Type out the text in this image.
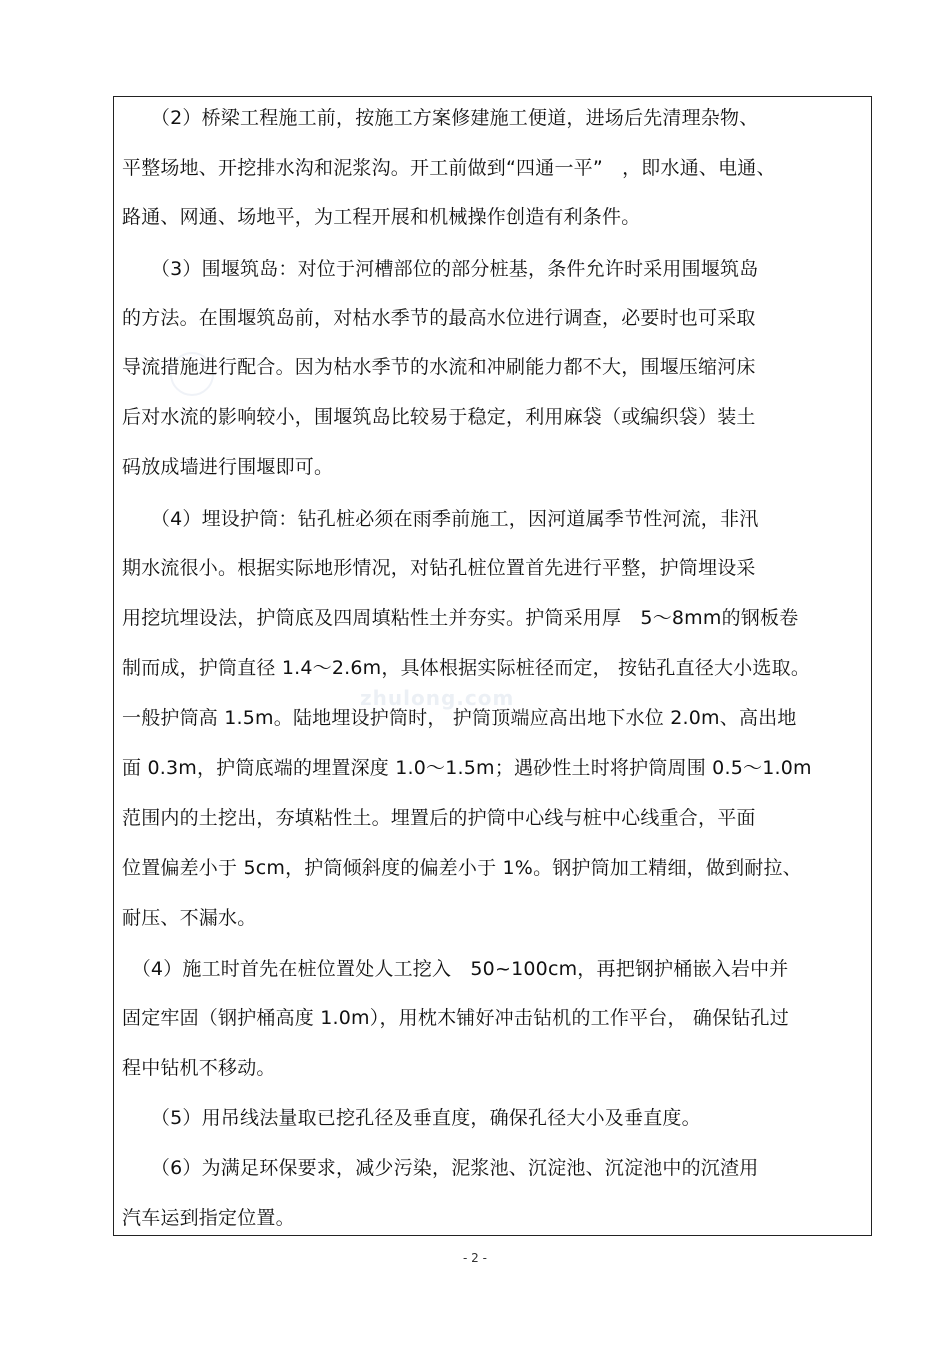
zhulong.com
　　（2）桥梁工程施工前，按施工方案修建施工便道，进场后先清理杂物、
平整场地、开挖排水沟和泥浆沟。开工前做到“四通一平”　，即水通、电通、
路通、网通、场地平，为工程开展和机械操作创造有利条件。
　　（3）围堰筑岛：对位于河槽部位的部分桩基，条件允许时采用围堰筑岛
的方法。在围堰筑岛前，对枯水季节的最高水位进行调查，必要时也可采取
导流措施进行配合。因为枯水季节的水流和冲刷能力都不大，围堰压缩河床
后对水流的影响较小，围堰筑岛比较易于稳定，利用麻袋（或编织袋）装土
码放成墙进行围堰即可。
　　（4）埋设护筒：钻孔桩必须在雨季前施工，因河道属季节性河流，非汛
期水流很小。根据实际地形情况，对钻孔桩位置首先进行平整，护筒埋设采
用挖坑埋设法，护筒底及四周填粘性土并夯实。护筒采用厚　5～8mm的钢板卷
制而成，护筒直径 1.4～2.6m，具体根据实际桩径而定， 按钻孔直径大小选取。
一般护筒高 1.5m。陆地埋设护筒时， 护筒顶端应高出地下水位 2.0m、高出地
面 0.3m，护筒底端的埋置深度 1.0～1.5m；遇砂性土时将护筒周围 0.5～1.0m
范围内的土挖出，夯填粘性土。埋置后的护筒中心线与桩中心线重合，平面
位置偏差小于 5cm，护筒倾斜度的偏差小于 1%。钢护筒加工精细，做到耐拉、
耐压、不漏水。
　（4）施工时首先在桩位置处人工挖入　50~100cm，再把钢护桶嵌入岩中并
固定牢固（钢护桶高度 1.0m），用枕木铺好冲击钻机的工作平台， 确保钻孔过
程中钻机不移动。
　　（5）用吊线法量取已挖孔径及垂直度，确保孔径大小及垂直度。
　　（6）为满足环保要求，减少污染，泥浆池、沉淀池、沉淀池中的沉渣用
汽车运到指定位置。
- 2 -
